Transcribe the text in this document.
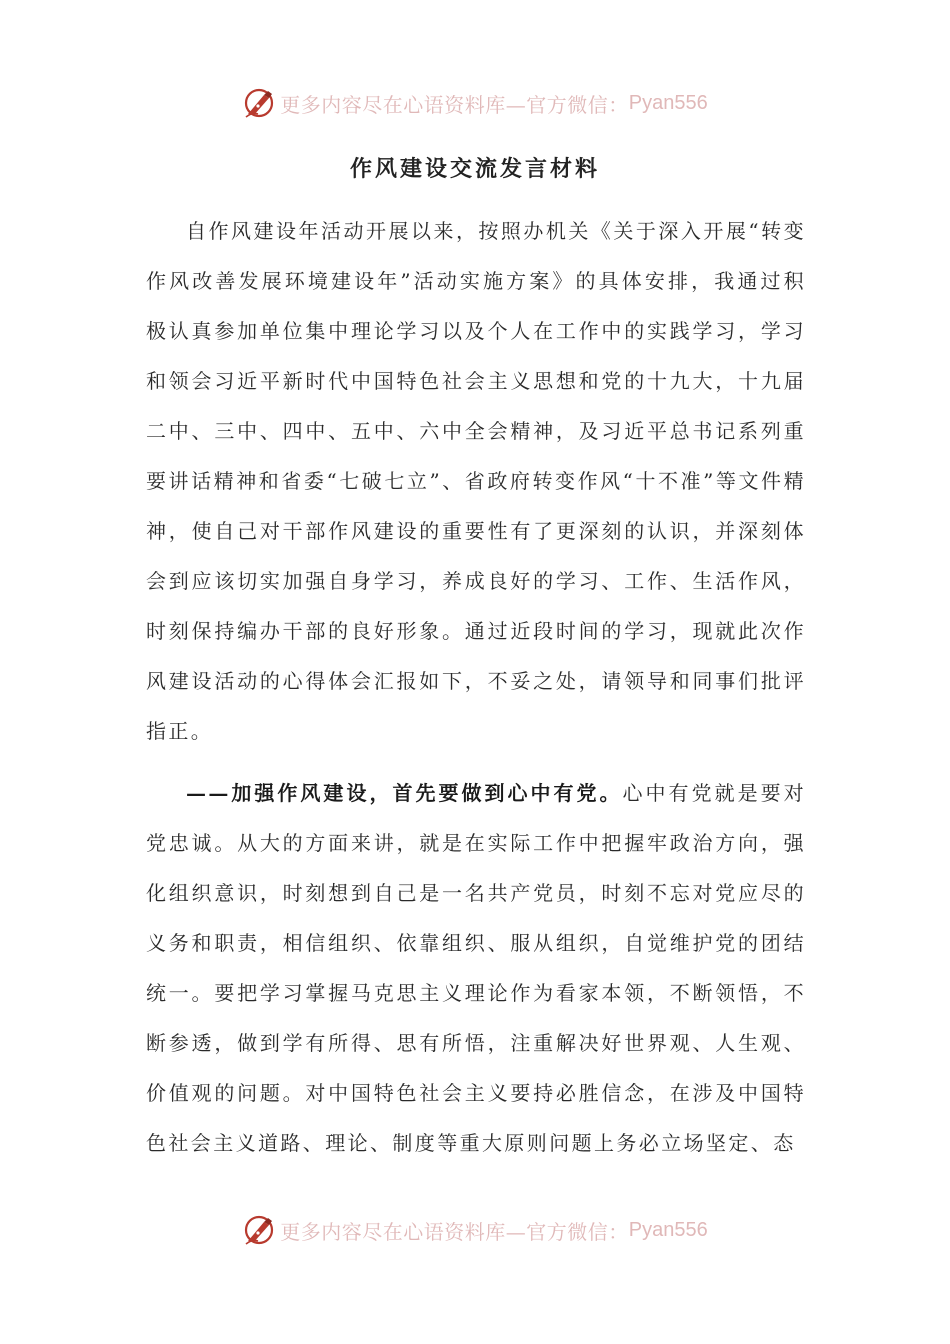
更多内容尽在心语资料库—官方微信： Pyan556
作风建设交流发言材料

自作风建设年活动开展以来，按照办机关《关于深入开展“转变作风改善发展环境建设年”活动实施方案》的具体安排，我通过积极认真参加单位集中理论学习以及个人在工作中的实践学习，学习和领会习近平新时代中国特色社会主义思想和党的十九大，十九届二中、三中、四中、五中、六中全会精神，及习近平总书记系列重要讲话精神和省委“七破七立”、省政府转变作风“十不准”等文件精神，使自己对干部作风建设的重要性有了更深刻的认识，并深刻体会到应该切实加强自身学习，养成良好的学习、工作、生活作风，时刻保持编办干部的良好形象。通过近段时间的学习，现就此次作风建设活动的心得体会汇报如下，不妥之处，请领导和同事们批评指正。

——加强作风建设，首先要做到心中有党。心中有党就是要对党忠诚。从大的方面来讲，就是在实际工作中把握牢政治方向，强化组织意识，时刻想到自己是一名共产党员，时刻不忘对党应尽的义务和职责，相信组织、依靠组织、服从组织，自觉维护党的团结统一。要把学习掌握马克思主义理论作为看家本领，不断领悟，不断参透，做到学有所得、思有所悟，注重解决好世界观、人生观、价值观的问题。对中国特色社会主义要持必胜信念，在涉及中国特色社会主义道路、理论、制度等重大原则问题上务必立场坚定、态

更多内容尽在心语资料库—官方微信： Pyan556
